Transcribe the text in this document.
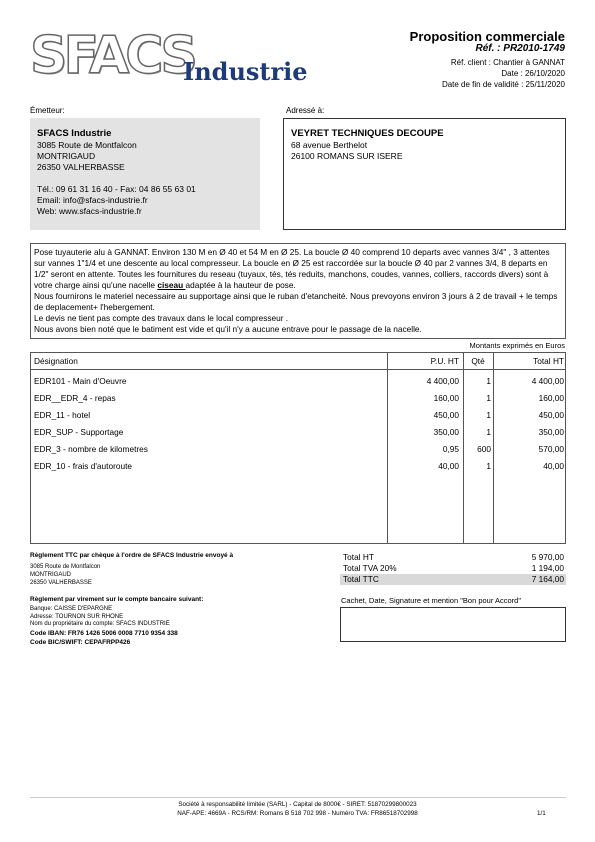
SFACS
Industrie
Proposition commerciale
Réf. : PR2010-1749
Réf. client : Chantier à GANNAT
Date : 26/10/2020
Date de fin de validité : 25/11/2020
Émetteur:	Adressé à:
SFACS Industrie
3085 Route de Montfalcon
MONTRIGAUD
26350 VALHERBASSE
Tél.: 09 61 31 16 40 - Fax: 04 86 55 63 01
Email: info@sfacs-industrie.fr
Web: www.sfacs-industrie.fr
VEYRET TECHNIQUES DECOUPE
68 avenue Berthelot
26100 ROMANS SUR ISERE

Pose tuyauterie alu à GANNAT. Environ 130 M en Ø 40 et 54 M en Ø 25. La boucle Ø 40 comprend 10 departs avec vannes 3/4" , 3 attentes sur vannes 1"1/4 et une descente au local compresseur. La boucle en Ø 25 est raccordée sur la boucle Ø 40 par 2 vannes 3/4, 8 departs en 1/2" seront en attente. Toutes les fournitures du reseau (tuyaux, tés, tés reduits, manchons, coudes, vannes, colliers, raccords divers) sont à votre charge ainsi qu'une nacelle ciseau adaptée à la hauteur de pose.

Nous fournirons le materiel necessaire au supportage ainsi que le ruban d'etancheité. Nous prevoyons environ 3 jours à 2 de travail + le temps de deplacement+ l'hebergement.

Le devis ne tient pas compte des travaux dans le local compresseur .

Nous avons bien noté que le batiment est vide et qu'il n'y a aucune entrave pour le passage de la nacelle.

Montants exprimés en Euros
Désignation	P.U. HT	Qté	Total HT
EDR101 - Main d'Oeuvre	4 400,00	1	4 400,00
EDR__EDR_4 - repas	160,00	1	160,00
EDR_11 - hotel	450,00	1	450,00
EDR_SUP - Supportage	350,00	1	350,00
EDR_3 - nombre de kilometres	0,95	600	570,00
EDR_10 - frais d'autoroute	40,00	1	40,00
Règlement TTC par chèque à l'ordre de SFACS Industrie envoyé à
3085 Route de Montfalcon
MONTRIGAUD
26350 VALHERBASSE
Règlement par virement sur le compte bancaire suivant:
Banque: CAISSE D'EPARGNE
Adresse: TOURNON SUR RHONE
Nom du propriétaire du compte: SFACS INDUSTRIE
Code IBAN: FR76 1426 5006 0008 7710 9354 338
Code BIC/SWIFT: CEPAFRPP426
Total HT	5 970,00
Total TVA 20%	1 194,00
Total TTC	7 164,00
Cachet, Date, Signature et mention "Bon pour Accord"
Société à responsabilité limitée (SARL) - Capital de 8000€ - SIRET: 51870299800023
NAF-APE: 4669A - RCS/RM: Romans B 518 702 998 - Numéro TVA: FR86518702998	1/1
